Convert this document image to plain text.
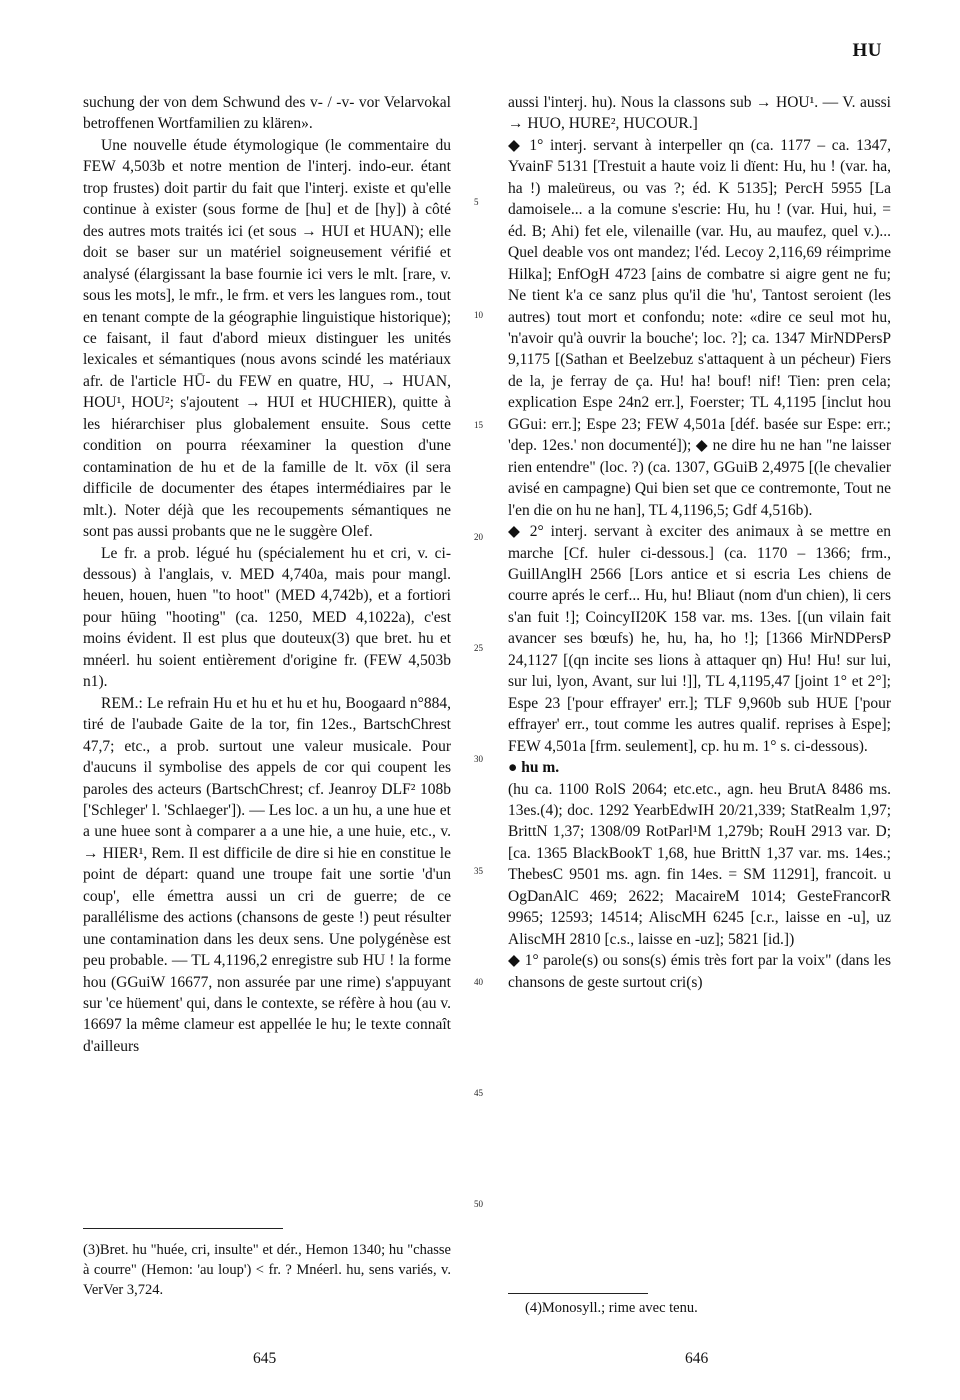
HU

suchung der von dem Schwund des v- / -v- vor Velarvokal betroffenen Wortfamilien zu klären».

Une nouvelle étude étymologique (le commentaire du FEW 4,503b et notre mention de l'interj. indo-eur. étant trop frustes) doit partir du fait que l'interj. existe et qu'elle continue à exister (sous forme de [hu] et de [hy]) à côté des autres mots traités ici (et sous → HUI et HUAN); elle doit se baser sur un matériel soigneusement vérifié et analysé (élargissant la base fournie ici vers le mlt. [rare, v. sous les mots], le mfr., le frm. et vers les langues rom., tout en tenant compte de la géographie linguistique historique); ce faisant, il faut d'abord mieux distinguer les unités lexicales et sémantiques (nous avons scindé les matériaux afr. de l'article HŪ- du FEW en quatre, HU, → HUAN, HOU¹, HOU²; s'ajoutent → HUI et HUCHIER), quitte à les hiérarchiser plus globalement ensuite. Sous cette condition on pourra réexaminer la question d'une contamination de hu et de la famille de lt. vōx (il sera difficile de documenter des étapes intermédiaires par le mlt.). Noter déjà que les recoupements sémantiques ne sont pas aussi probants que ne le suggère Olef.

Le fr. a prob. légué hu (spécialement hu et cri, v. ci-dessous) à l'anglais, v. MED 4,740a, mais pour mangl. heuen, houen, huen "to hoot" (MED 4,742b), et a fortiori pour hūing "hooting" (ca. 1250, MED 4,1022a), c'est moins évident. Il est plus que douteux(3) que bret. hu et mnéerl. hu soient entièrement d'origine fr. (FEW 4,503b n1).

REM.: Le refrain Hu et hu et hu et hu, Boogaard n°884, tiré de l'aubade Gaite de la tor, fin 12es., BartschChrest 47,7; etc., a prob. surtout une valeur musicale. Pour d'aucuns il symbolise des appels de cor qui coupent les paroles des acteurs (BartschChrest; cf. Jeanroy DLF² 108b ['Schleger' l. 'Schlaeger']). — Les loc. a un hu, a une hue et a une huee sont à comparer a a une hie, a une huie, etc., v. → HIER¹, Rem. Il est difficile de dire si hie en constitue le point de départ: quand une troupe fait une sortie 'd'un coup', elle émettra aussi un cri de guerre; de ce parallélisme des actions (chansons de geste !) peut résulter une contamination dans les deux sens. Une polygénèse est peu probable. — TL 4,1196,2 enregistre sub HU ! la forme hou (GGuiW 16677, non assurée par une rime) s'appuyant sur 'ce hüement' qui, dans le contexte, se réfère à hou (au v. 16697 la même clameur est appellée le hu; le texte connaît d'ailleurs

(3)Bret. hu "huée, cri, insulte" et dér., Hemon 1340; hu "chasse à courre" (Hemon: 'au loup') < fr. ? Mnéerl. hu, sens variés, v. VerVer 3,724.
5
10
15
20
25
30
35
40
45
50

aussi l'interj. hu). Nous la classons sub → HOU¹. — V. aussi → HUO, HURE², HUCOUR.]

◆ 1° interj. servant à interpeller qn (ca. 1177 – ca. 1347, YvainF 5131 [Trestuit a haute voiz li dïent: Hu, hu ! (var. ha, ha !) maleüreus, ou vas ?; éd. K 5135]; PercH 5955 [La damoisele... a la comune s'escrie: Hu, hu ! (var. Hui, hui, = éd. B; Ahi) fet ele, vilenaille (var. Hu, au maufez, quel v.)... Quel deable vos ont mandez; l'éd. Lecoy 2,116,69 réimprime Hilka]; EnfOgH 4723 [ains de combatre si aigre gent ne fu; Ne tient k'a ce sanz plus qu'il die 'hu', Tantost seroient (les autres) tout mort et confondu; note: «dire ce seul mot hu, 'n'avoir qu'à ouvrir la bouche'; loc. ?]; ca. 1347 MirNDPersP 9,1175 [(Sathan et Beelzebuz s'attaquent à un pécheur) Fiers de la, je ferray de ça. Hu! ha! bouf! nif! Tien: pren cela; explication Espe 24n2 err.], Foerster; TL 4,1195 [inclut hou GGui: err.]; Espe 23; FEW 4,501a [déf. basée sur Espe: err.; 'dep. 12es.' non documenté]); ◆ ne dire hu ne han "ne laisser rien entendre" (loc. ?) (ca. 1307, GGuiB 2,4975 [(le chevalier avisé en campagne) Qui bien set que ce contremonte, Tout ne l'en die on hu ne han], TL 4,1196,5; Gdf 4,516b).

◆ 2° interj. servant à exciter des animaux à se mettre en marche [Cf. huler ci-dessous.] (ca. 1170 – 1366; frm., GuillAnglH 2566 [Lors antice et si escria Les chiens de courre aprés le cerf... Hu, hu! Bliaut (nom d'un chien), li cers s'an fuit !]; CoincyII20K 158 var. ms. 13es. [(un vilain fait avancer ses bœufs) he, hu, ha, ho !]; [1366 MirNDPersP 24,1127 [(qn incite ses lions à attaquer qn) Hu! Hu! sur lui, sur lui, lyon, Avant, sur lui !]], TL 4,1195,47 [joint 1° et 2°]; Espe 23 ['pour effrayer' err.]; TLF 9,960b sub HUE ['pour effrayer' err., tout comme les autres qualif. reprises à Espe]; FEW 4,501a [frm. seulement], cp. hu m. 1° s. ci-dessous).

● hu m.

(hu ca. 1100 RolS 2064; etc.etc., agn. heu BrutA 8486 ms. 13es.(4); doc. 1292 YearbEdwIH 20/21,339; StatRealm 1,97; BrittN 1,37; 1308/09 RotParl¹M 1,279b; RouH 2913 var. D; [ca. 1365 BlackBookT 1,68, hue BrittN 1,37 var. ms. 14es.; ThebesC 9501 ms. agn. fin 14es. = SM 11291], francoit. u OgDanAlC 469; 2622; MacaireM 1014; GesteFrancorR 9965; 12593; 14514; AliscMH 6245 [c.r., laisse en -u], uz AliscMH 2810 [c.s., laisse en -uz]; 5821 [id.])

◆ 1° parole(s) ou sons(s) émis très fort par la voix" (dans les chansons de geste surtout cri(s)

(4)Monosyll.; rime avec tenu.
645	646
